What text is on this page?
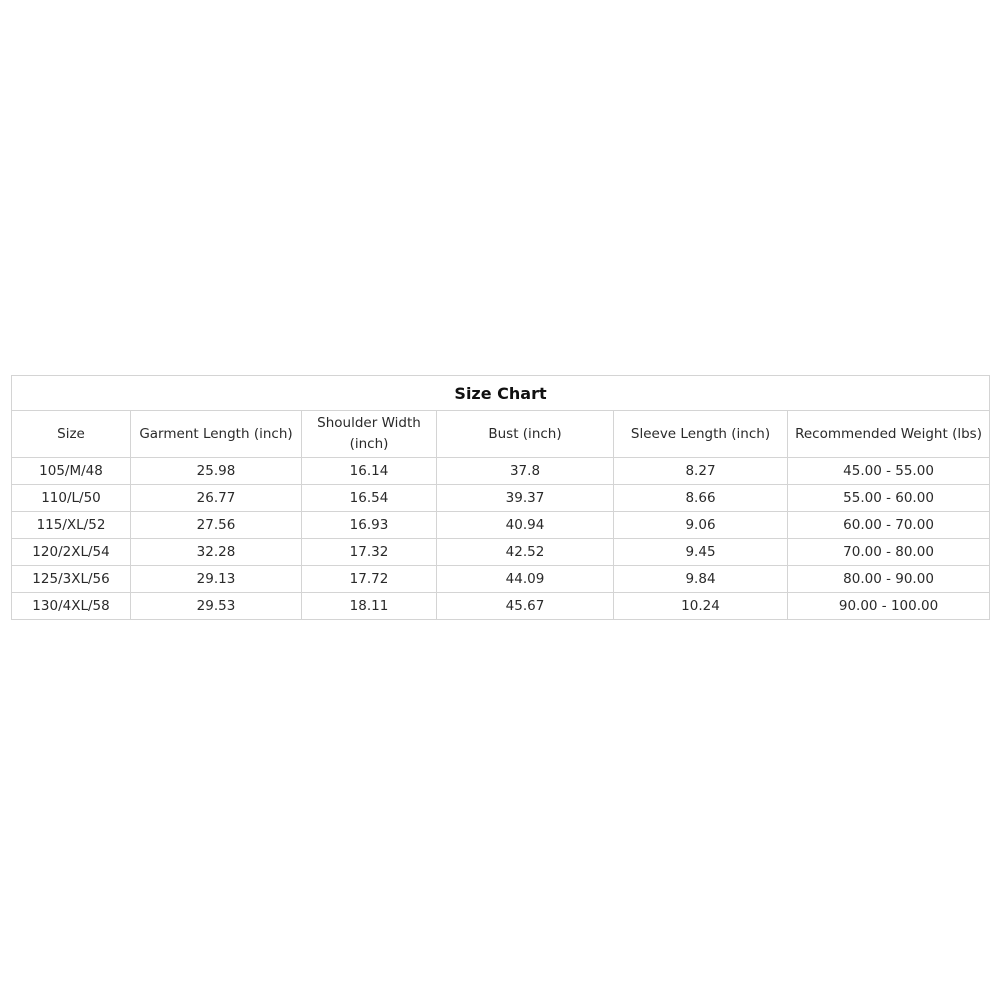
Size Chart					
Size	Garment Length (inch)	Shoulder Width (inch)	Bust (inch)	Sleeve Length (inch)	Recommended Weight (lbs)
105/M/48	25.98	16.14	37.8	8.27	45.00 - 55.00
110/L/50	26.77	16.54	39.37	8.66	55.00 - 60.00
115/XL/52	27.56	16.93	40.94	9.06	60.00 - 70.00
120/2XL/54	32.28	17.32	42.52	9.45	70.00 - 80.00
125/3XL/56	29.13	17.72	44.09	9.84	80.00 - 90.00
130/4XL/58	29.53	18.11	45.67	10.24	90.00 - 100.00
